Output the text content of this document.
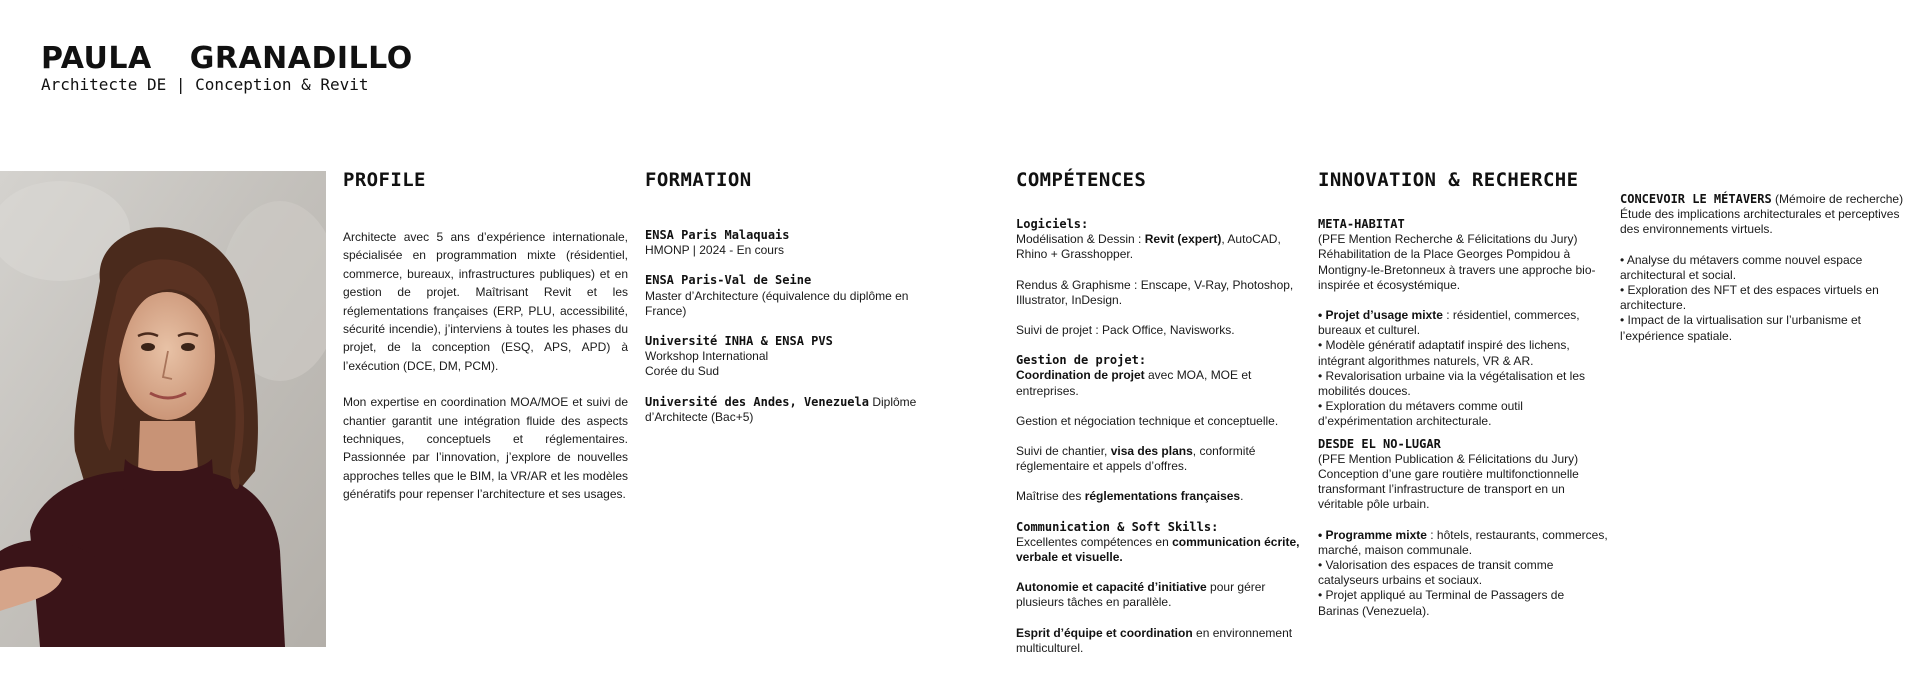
PAULA GRANADILLO
Architecte DE | Conception & Revit
PROFILE

Architecte avec 5 ans d’expérience internationale, spécialisée en programmation mixte (résidentiel, commerce, bureaux, infrastructures publiques) et en gestion de projet. Maîtrisant Revit et les réglementations françaises (ERP, PLU, accessibilité, sécurité incendie), j’interviens à toutes les phases du projet, de la conception (ESQ, APS, APD) à l’exécution (DCE, DM, PCM).

Mon expertise en coordination MOA/MOE et suivi de chantier garantit une intégration fluide des aspects techniques, conceptuels et réglementaires. Passionnée par l’innovation, j’explore de nouvelles approches telles que le BIM, la VR/AR et les modèles génératifs pour repenser l’architecture et ses usages.

FORMATION
ENSA Paris Malaquais
HMONP | 2024 - En cours
ENSA Paris-Val de Seine
Master d’Architecture (équivalence du diplôme en France)
Université INHA & ENSA PVS
Workshop International
Corée du Sud
Université des Andes, Venezuela Diplôme d’Architecte (Bac+5)
COMPÉTENCES
Logiciels:

Modélisation & Dessin : Revit (expert), AutoCAD, Rhino + Grasshopper.

Rendus & Graphisme : Enscape, V-Ray, Photoshop, Illustrator, InDesign.

Suivi de projet : Pack Office, Navisworks.

Gestion de projet:

Coordination de projet avec MOA, MOE et entreprises.

Gestion et négociation technique et conceptuelle.

Suivi de chantier, visa des plans, conformité réglementaire et appels d’offres.

Maîtrise des réglementations françaises.

Communication & Soft Skills:

Excellentes compétences en communication écrite, verbale et visuelle.

Autonomie et capacité d’initiative pour gérer plusieurs tâches en parallèle.

Esprit d’équipe et coordination en environnement multiculturel.

INNOVATION & RECHERCHE
META-HABITAT

(PFE Mention Recherche & Félicitations du Jury)

Réhabilitation de la Place Georges Pompidou à Montigny-le-Bretonneux à travers une approche bio-inspirée et écosystémique.

• Projet d’usage mixte : résidentiel, commerces, bureaux et culturel.

• Modèle génératif adaptatif inspiré des lichens, intégrant algorithmes naturels, VR & AR.

• Revalorisation urbaine via la végétalisation et les mobilités douces.

• Exploration du métavers comme outil d’expérimentation architecturale.

DESDE EL NO-LUGAR

(PFE Mention Publication & Félicitations du Jury)

Conception d’une gare routière multifonctionnelle transformant l’infrastructure de transport en un véritable pôle urbain.

• Programme mixte : hôtels, restaurants, commerces, marché, maison communale.

• Valorisation des espaces de transit comme catalyseurs urbains et sociaux.

• Projet appliqué au Terminal de Passagers de Barinas (Venezuela).

CONCEVOIR LE MÉTAVERS (Mémoire de recherche)

Étude des implications architecturales et perceptives des environnements virtuels.

• Analyse du métavers comme nouvel espace architectural et social.

• Exploration des NFT et des espaces virtuels en architecture.

• Impact de la virtualisation sur l’urbanisme et l’expérience spatiale.
